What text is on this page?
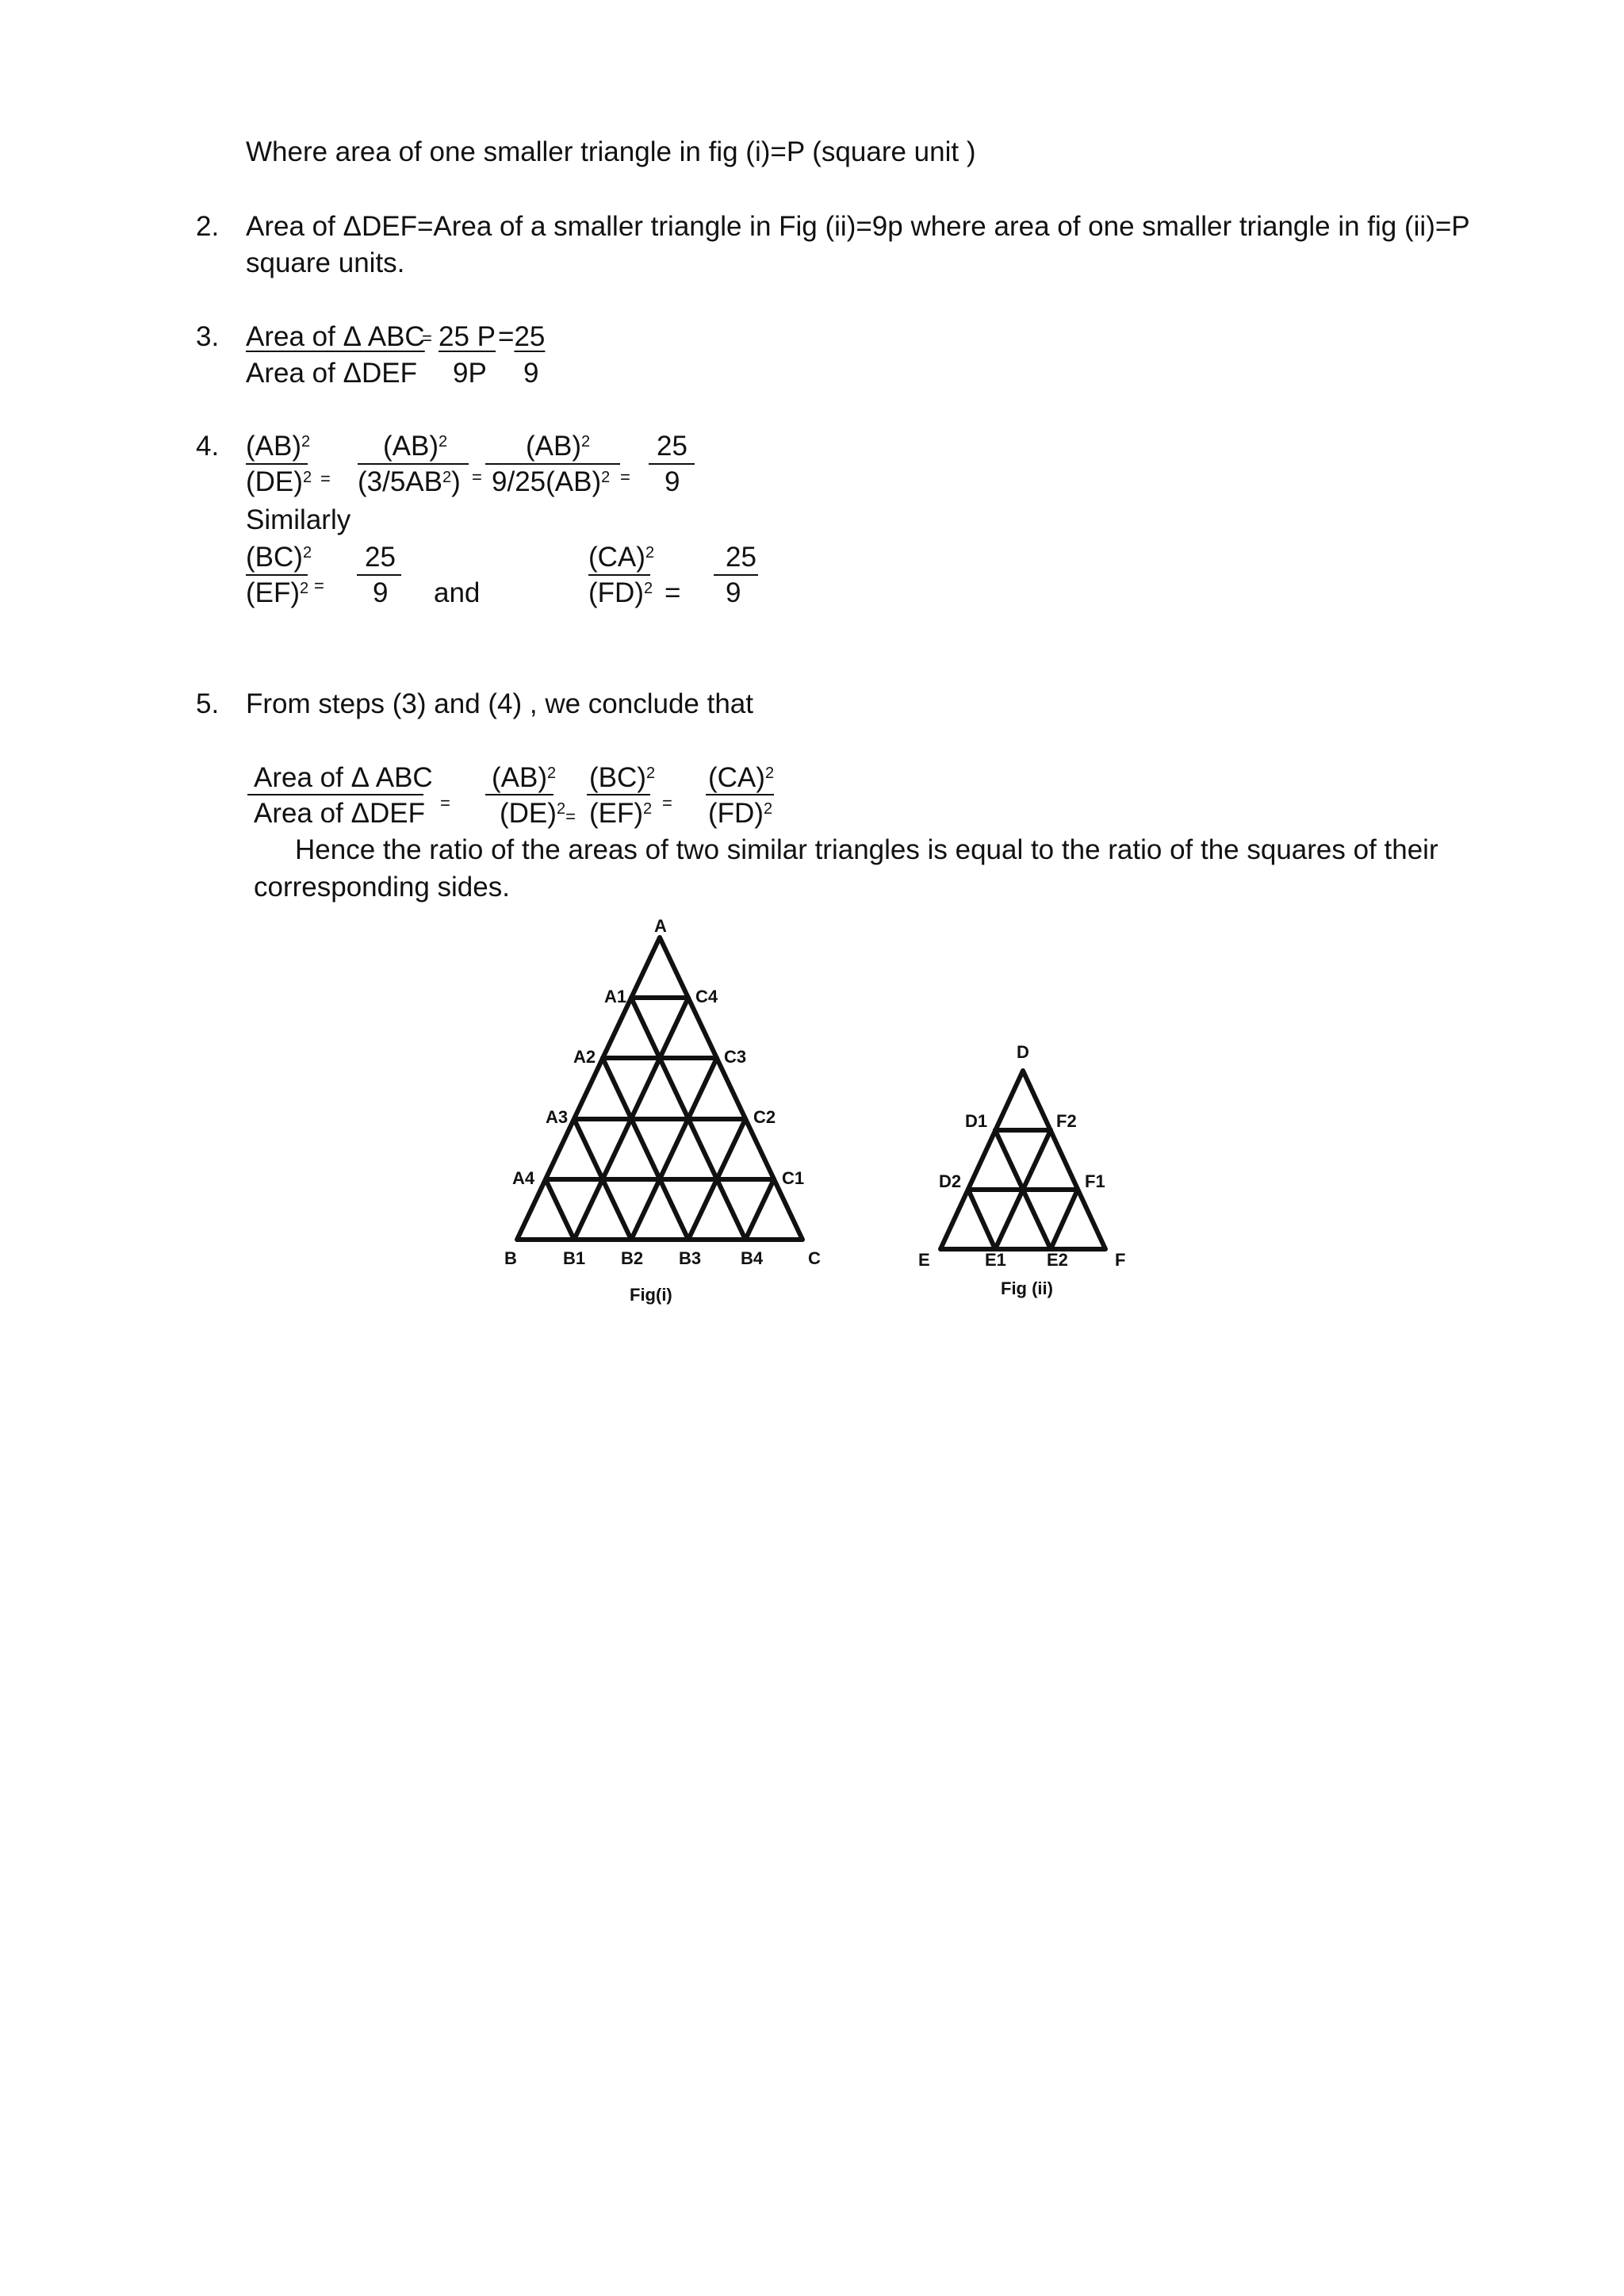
Where area of one smaller triangle in fig (i)=P (square unit )
2. Area of ΔDEF=Area of a smaller triangle in Fig (ii)=9p where area of one smaller triangle in fig (ii)=P
square units.
3. Area of Δ ABC
Area of ΔDEF
= 25 P
9P
=25
9
4. (AB)$^2$
(DE)$^2$ =
(AB)$^2$
$(3/5AB^2)$ =
(AB)$^2$
9/25(AB)$^2$ =
25
9
Similarly
(BC)$^2$
(EF)$^2$ =
25
9 and
(CA)$^2$
(FD)$^2$ =
25
9
5. From steps (3) and (4) , we conclude that
Area of Δ ABC
Area of ΔDEF =
(AB)$^2$
(DE)$^2$=
(BC)$^2$
(EF)$^2$ =
(CA)$^2$
(FD)$^2$
Hence the ratio of the areas of two similar triangles is equal to the ratio of the squares of their
corresponding sides.
A
A1	C4
A2	C3
A3	C2
A4	C1
B	B1 B2 B3 B4	C
Fig(i)
D
D1	F2
D2	F1
E	E1 E2	F
Fig (ii)
